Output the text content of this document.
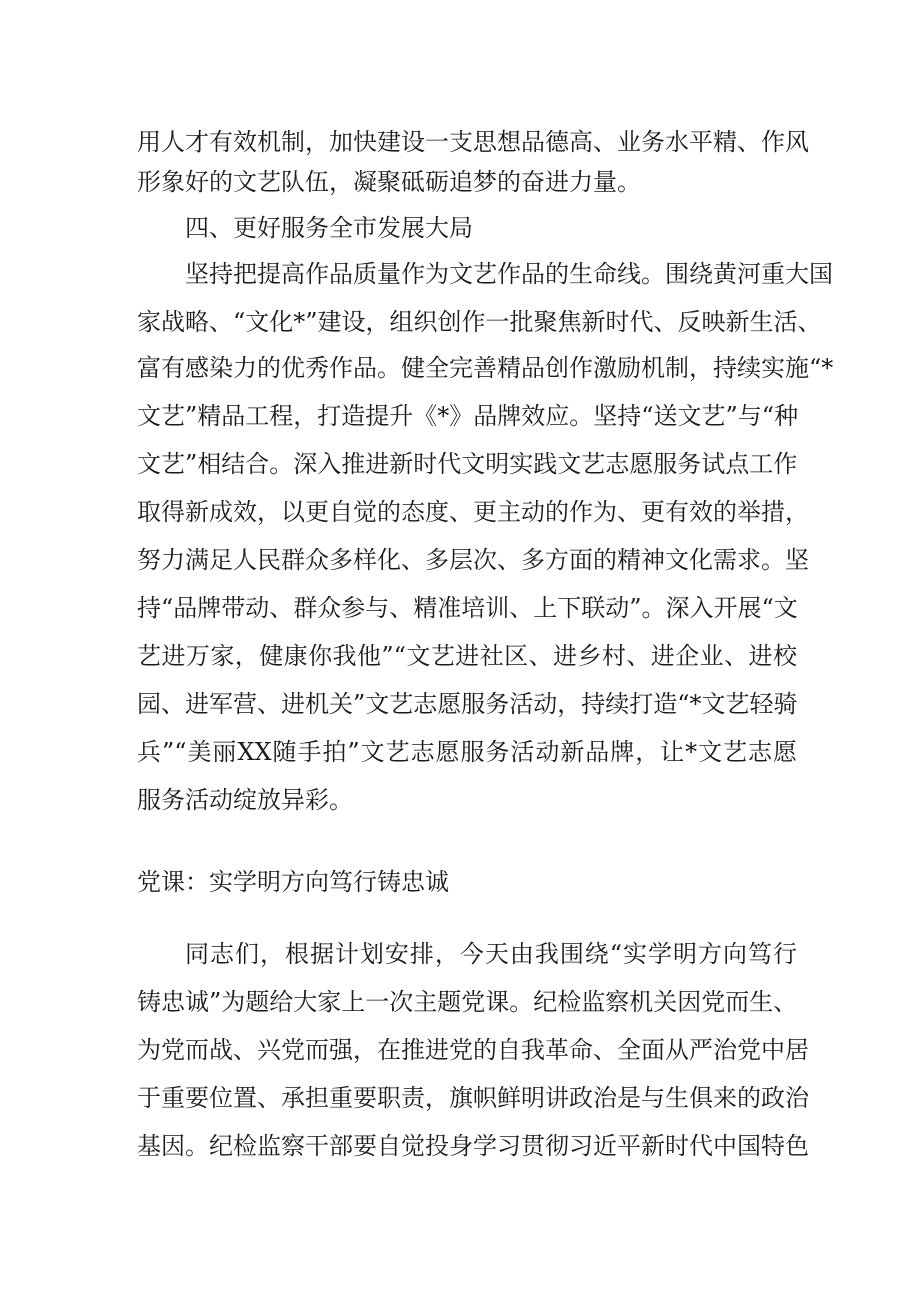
用人才有效机制，加快建设一支思想品德高、业务水平精、作风
形象好的文艺队伍，凝聚砥砺追梦的奋进力量。
四、更好服务全市发展大局
坚持把提高作品质量作为文艺作品的生命线。围绕黄河重大国
家战略、“文化*”建设，组织创作一批聚焦新时代、反映新生活、
富有感染力的优秀作品。健全完善精品创作激励机制，持续实施“*
文艺”精品工程，打造提升《*》品牌效应。坚持“送文艺”与“种
文艺”相结合。深入推进新时代文明实践文艺志愿服务试点工作
取得新成效，以更自觉的态度、更主动的作为、更有效的举措，
努力满足人民群众多样化、多层次、多方面的精神文化需求。坚
持“品牌带动、群众参与、精准培训、上下联动”。深入开展“文
艺进万家，健康你我他”“文艺进社区、进乡村、进企业、进校
园、进军营、进机关”文艺志愿服务活动，持续打造“*文艺轻骑
兵”“美丽XX随手拍”文艺志愿服务活动新品牌，让*文艺志愿
服务活动绽放异彩。
党课：实学明方向笃行铸忠诚
同志们，根据计划安排，今天由我围绕“实学明方向笃行
铸忠诚”为题给大家上一次主题党课。纪检监察机关因党而生、
为党而战、兴党而强，在推进党的自我革命、全面从严治党中居
于重要位置、承担重要职责，旗帜鲜明讲政治是与生俱来的政治
基因。纪检监察干部要自觉投身学习贯彻习近平新时代中国特色
